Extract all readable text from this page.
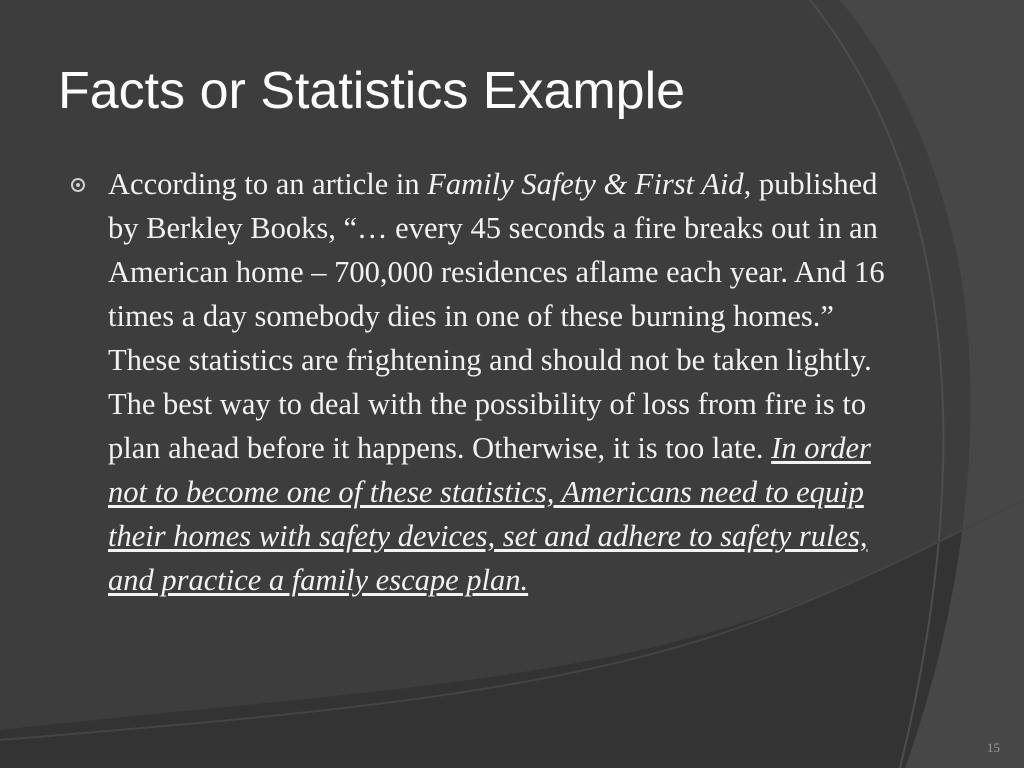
Facts or Statistics Example
According to an article in Family Safety & First Aid, published by Berkley Books, “… every 45 seconds a fire breaks out in an American home – 700,000 residences aflame each year. And 16 times a day somebody dies in one of these burning homes.” These statistics are frightening and should not be taken lightly. The best way to deal with the possibility of loss from fire is to plan ahead before it happens. Otherwise, it is too late. In order not to become one of these statistics, Americans need to equip their homes with safety devices, set and adhere to safety rules, and practice a family escape plan.
15
